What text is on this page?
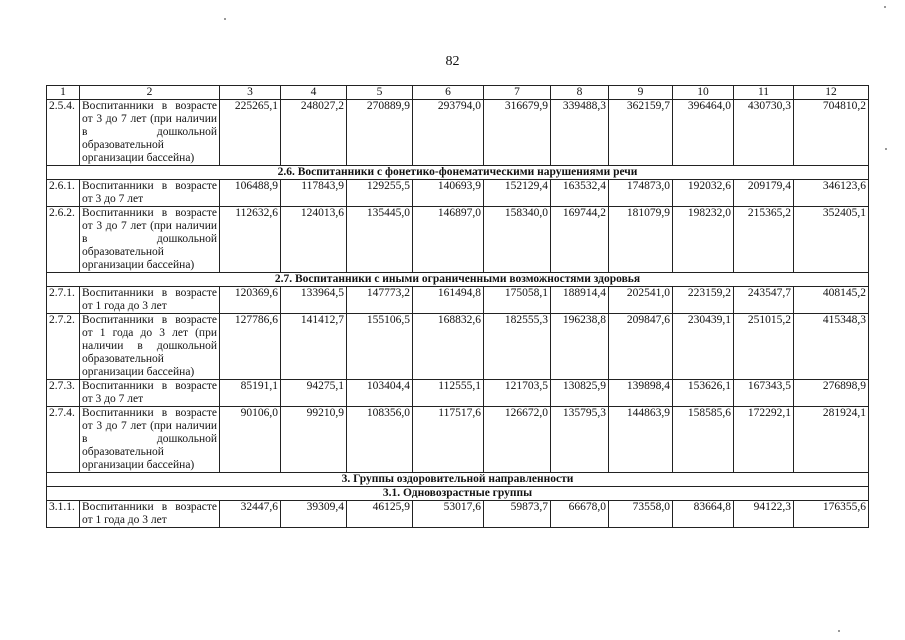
82
1	2	3	4	5	6	7	8	9	10	11	12
2.5.4.	Воспитанники в возрасте от 3 до 7 лет (при наличии в дошкольной образовательной организации бассейна)	225265,1	248027,2	270889,9	293794,0	316679,9	339488,3	362159,7	396464,0	430730,3	704810,2
2.6. Воспитанники с фонетико-фонематическими нарушениями речи											
2.6.1.	Воспитанники в возрасте от 3 до 7 лет	106488,9	117843,9	129255,5	140693,9	152129,4	163532,4	174873,0	192032,6	209179,4	346123,6
2.6.2.	Воспитанники в возрасте от 3 до 7 лет (при наличии в дошкольной образовательной организации бассейна)	112632,6	124013,6	135445,0	146897,0	158340,0	169744,2	181079,9	198232,0	215365,2	352405,1
2.7. Воспитанники с иными ограниченными возможностями здоровья											
2.7.1.	Воспитанники в возрасте от 1 года до 3 лет	120369,6	133964,5	147773,2	161494,8	175058,1	188914,4	202541,0	223159,2	243547,7	408145,2
2.7.2.	Воспитанники в возрасте от 1 года до 3 лет (при наличии в дошкольной образовательной организации бассейна)	127786,6	141412,7	155106,5	168832,6	182555,3	196238,8	209847,6	230439,1	251015,2	415348,3
2.7.3.	Воспитанники в возрасте от 3 до 7 лет	85191,1	94275,1	103404,4	112555,1	121703,5	130825,9	139898,4	153626,1	167343,5	276898,9
2.7.4.	Воспитанники в возрасте от 3 до 7 лет (при наличии в дошкольной образовательной организации бассейна)	90106,0	99210,9	108356,0	117517,6	126672,0	135795,3	144863,9	158585,6	172292,1	281924,1
3. Группы оздоровительной направленности											
3.1. Одновозрастные группы											
3.1.1.	Воспитанники в возрасте от 1 года до 3 лет	32447,6	39309,4	46125,9	53017,6	59873,7	66678,0	73558,0	83664,8	94122,3	176355,6
